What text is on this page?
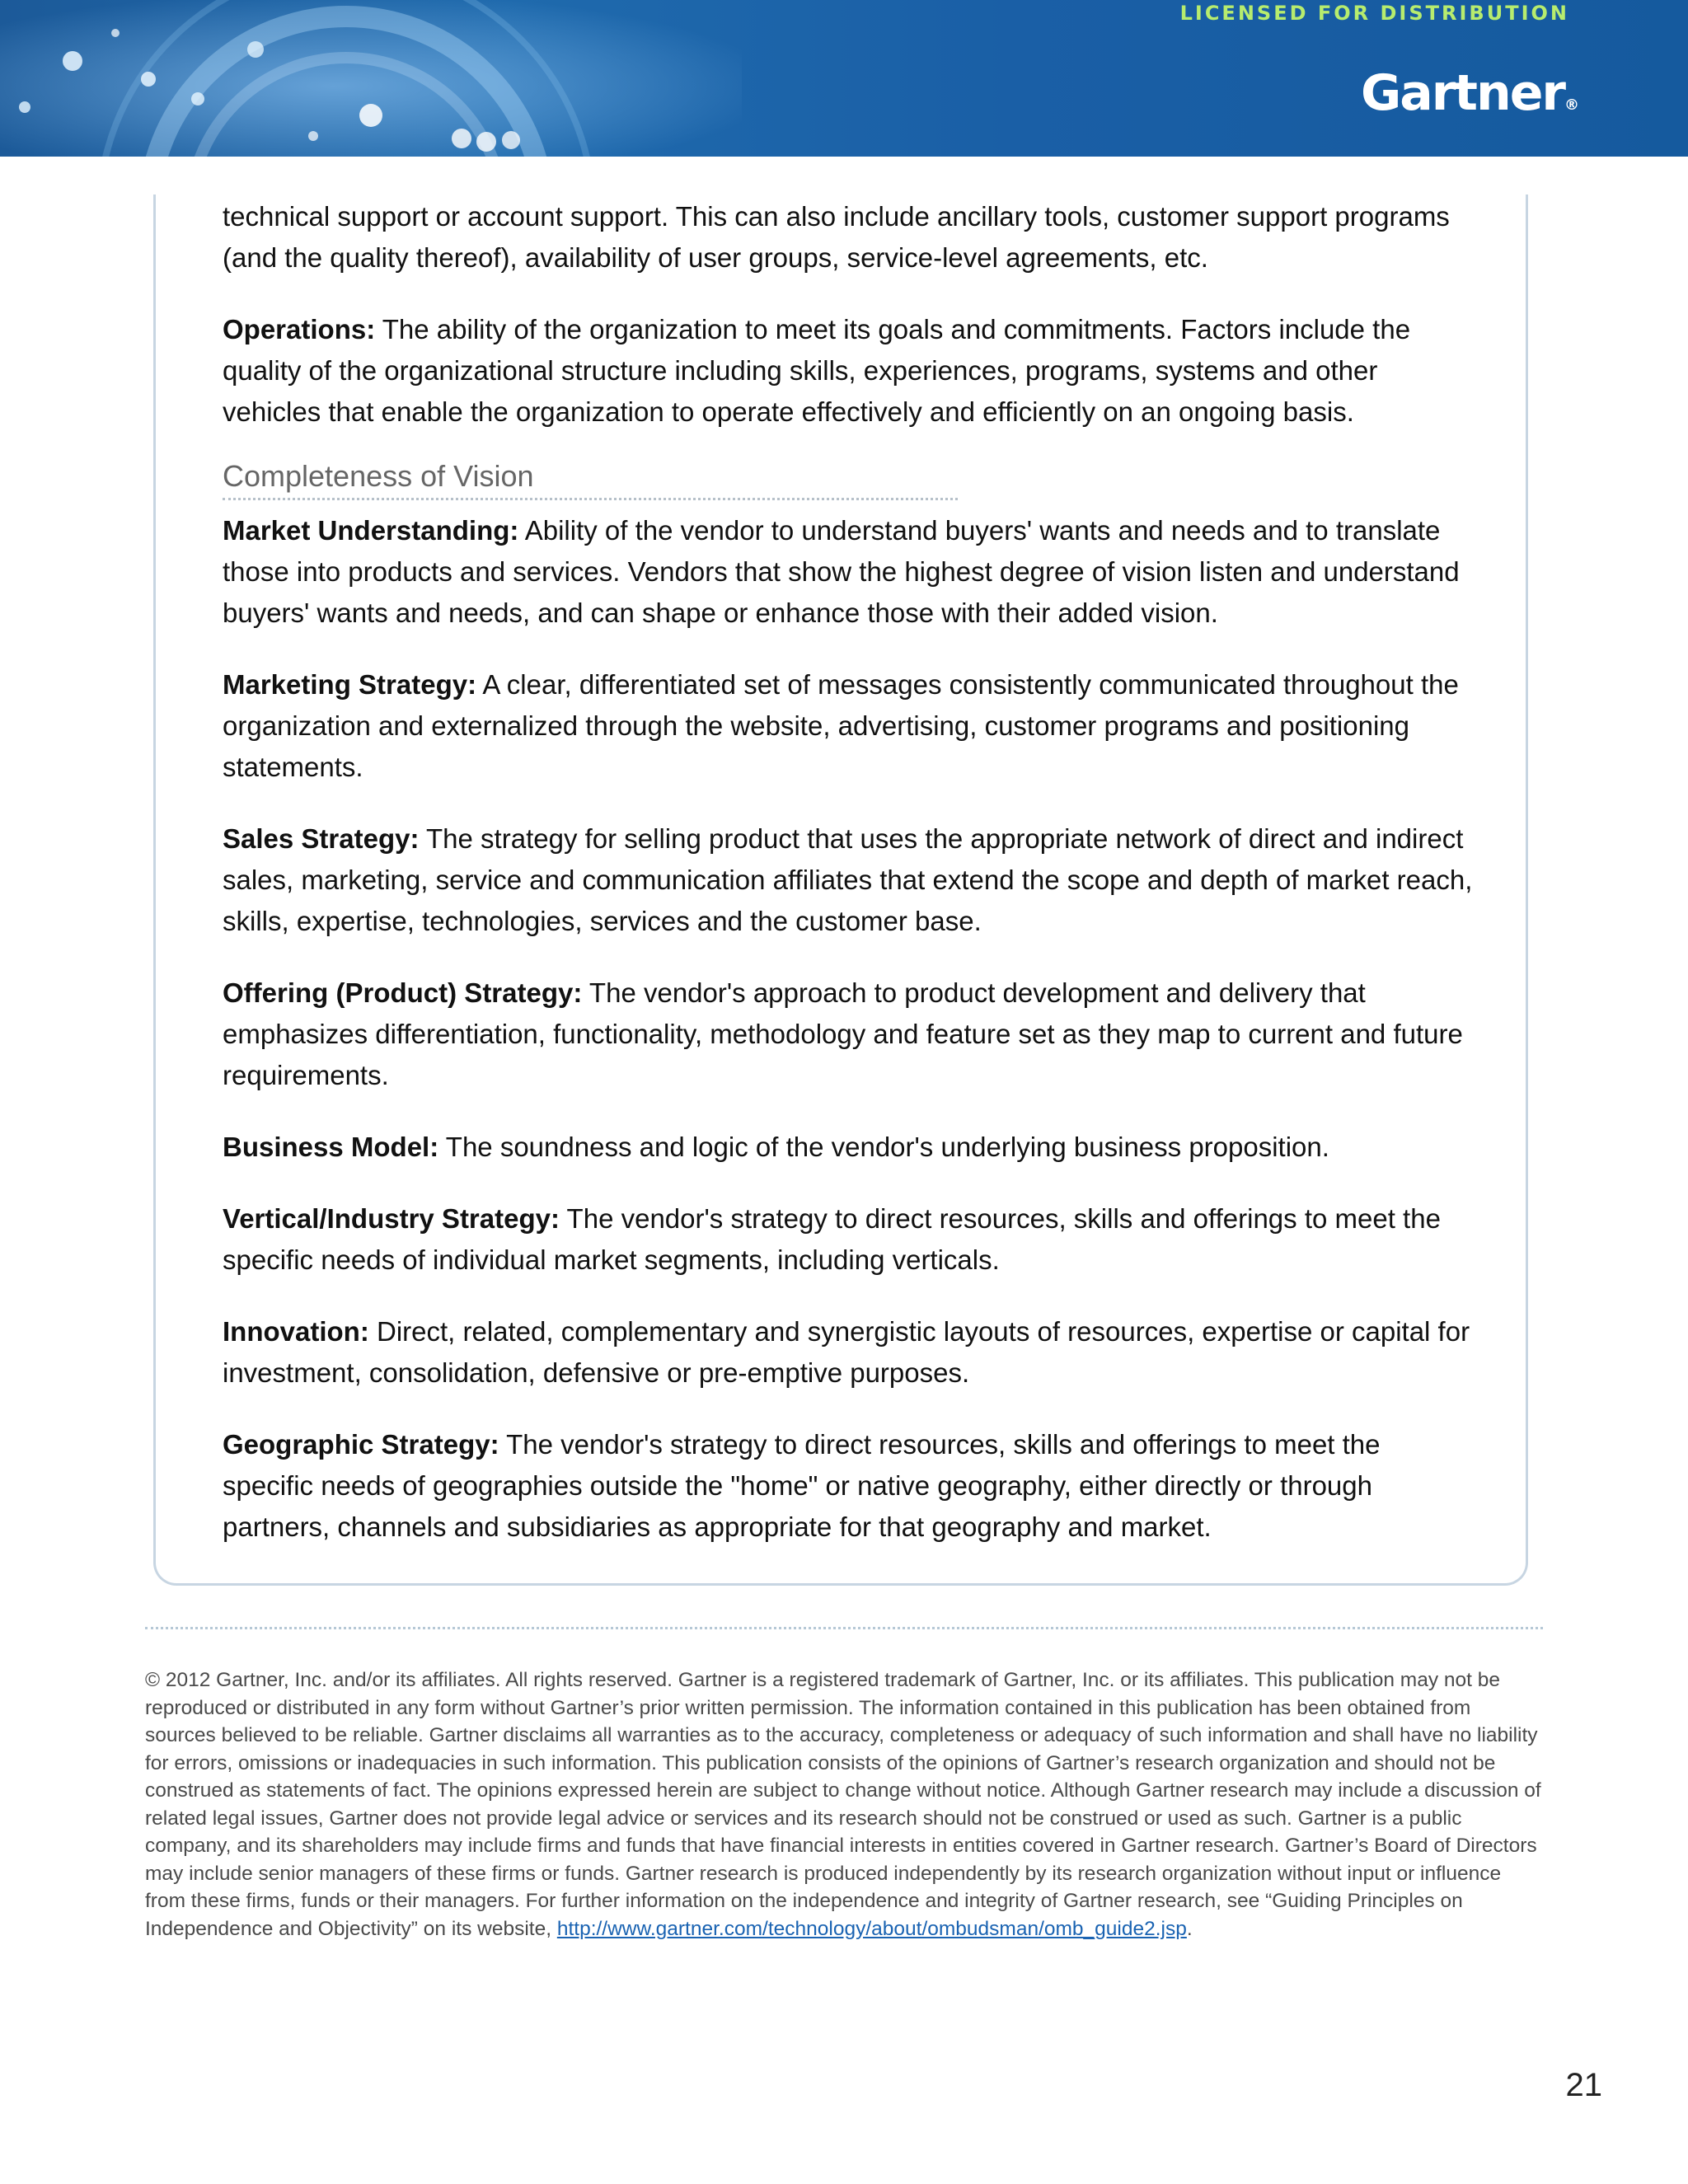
LICENSED FOR DISTRIBUTION
Gartner®

technical support or account support. This can also include ancillary tools, customer support programs (and the quality thereof), availability of user groups, service-level agreements, etc.

Operations: The ability of the organization to meet its goals and commitments. Factors include the quality of the organizational structure including skills, experiences, programs, systems and other vehicles that enable the organization to operate effectively and efficiently on an ongoing basis.

Completeness of Vision

Market Understanding: Ability of the vendor to understand buyers' wants and needs and to translate those into products and services. Vendors that show the highest degree of vision listen and understand buyers' wants and needs, and can shape or enhance those with their added vision.

Marketing Strategy: A clear, differentiated set of messages consistently communicated throughout the organization and externalized through the website, advertising, customer programs and positioning statements.

Sales Strategy: The strategy for selling product that uses the appropriate network of direct and indirect sales, marketing, service and communication affiliates that extend the scope and depth of market reach, skills, expertise, technologies, services and the customer base.

Offering (Product) Strategy: The vendor's approach to product development and delivery that emphasizes differentiation, functionality, methodology and feature set as they map to current and future requirements.

Business Model: The soundness and logic of the vendor's underlying business proposition.

Vertical/Industry Strategy: The vendor's strategy to direct resources, skills and offerings to meet the specific needs of individual market segments, including verticals.

Innovation: Direct, related, complementary and synergistic layouts of resources, expertise or capital for investment, consolidation, defensive or pre-emptive purposes.

Geographic Strategy: The vendor's strategy to direct resources, skills and offerings to meet the specific needs of geographies outside the "home" or native geography, either directly or through partners, channels and subsidiaries as appropriate for that geography and market.

© 2012 Gartner, Inc. and/or its affiliates. All rights reserved. Gartner is a registered trademark of Gartner, Inc. or its affiliates. This publication may not be reproduced or distributed in any form without Gartner’s prior written permission. The information contained in this publication has been obtained from sources believed to be reliable. Gartner disclaims all warranties as to the accuracy, completeness or adequacy of such information and shall have no liability for errors, omissions or inadequacies in such information. This publication consists of the opinions of Gartner’s research organization and should not be construed as statements of fact. The opinions expressed herein are subject to change without notice. Although Gartner research may include a discussion of related legal issues, Gartner does not provide legal advice or services and its research should not be construed or used as such. Gartner is a public company, and its shareholders may include firms and funds that have financial interests in entities covered in Gartner research. Gartner’s Board of Directors may include senior managers of these firms or funds. Gartner research is produced independently by its research organization without input or influence from these firms, funds or their managers. For further information on the independence and integrity of Gartner research, see “Guiding Principles on Independence and Objectivity” on its website, http://www.gartner.com/technology/about/ombudsman/omb_guide2.jsp.
21
